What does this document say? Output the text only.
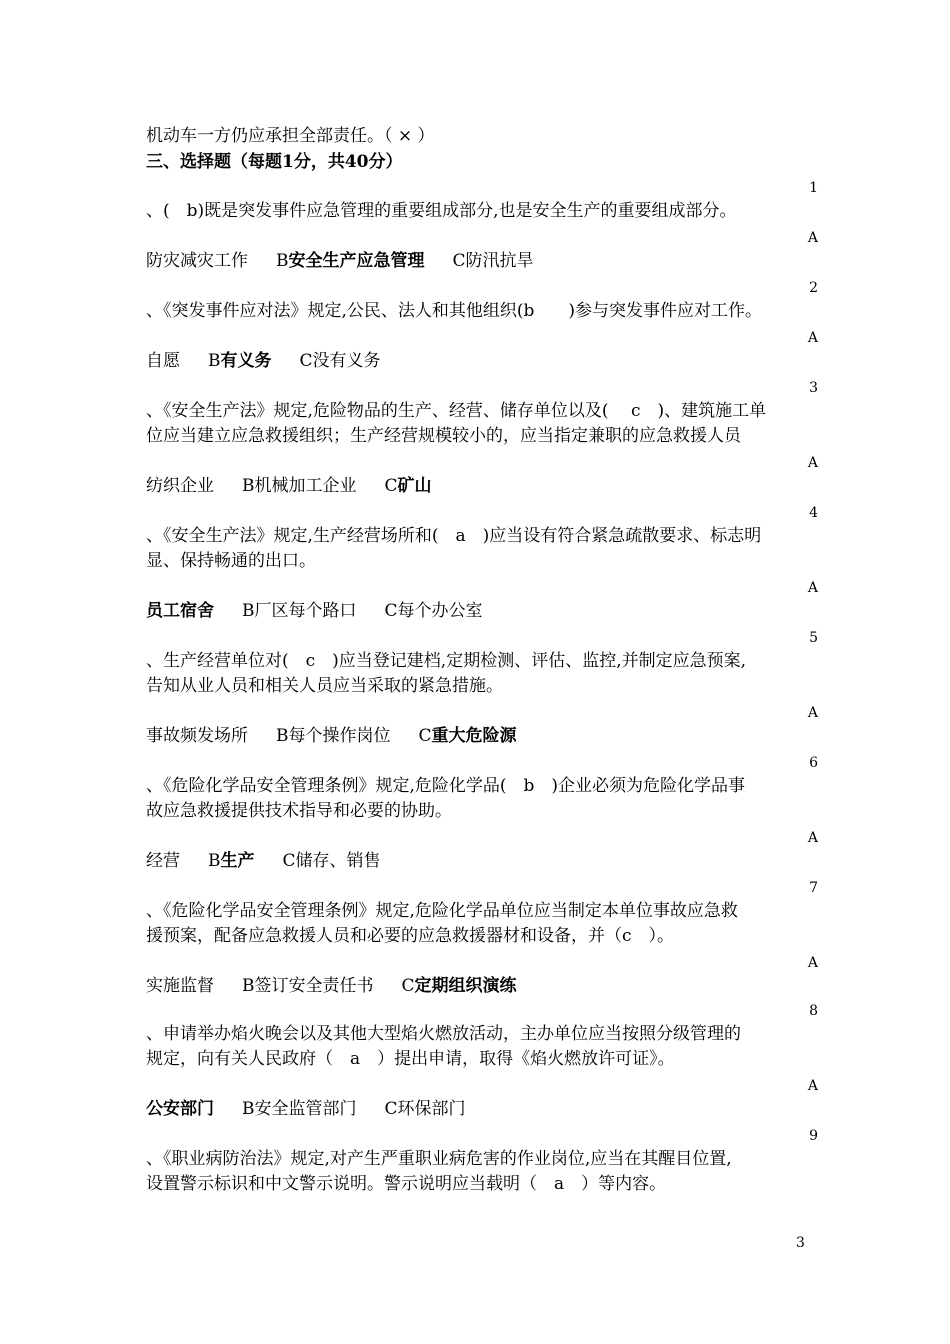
机动车一方仍应承担全部责任。（ × ）
三、选择题（每题1分，共40分）
1
、(　b)既是突发事件应急管理的重要组成部分,也是安全生产的重要组成部分。
A
防灾减灾工作 B安全生产应急管理 C防汛抗旱
2
、《突发事件应对法》规定,公民、法人和其他组织(b　　)参与突发事件应对工作。
A
自愿 B有义务 C没有义务
3
、《安全生产法》规定,危险物品的生产、经营、储存单位以及(　 c　)、建筑施工单
位应当建立应急救援组织；生产经营规模较小的，应当指定兼职的应急救援人员
A
纺织企业 B机械加工企业 C矿山
4
、《安全生产法》规定,生产经营场所和(　a　)应当设有符合紧急疏散要求、标志明
显、保持畅通的出口。
A
员工宿舍 B厂区每个路口 C每个办公室
5
、生产经营单位对(　c　)应当登记建档,定期检测、评估、监控,并制定应急预案,
告知从业人员和相关人员应当采取的紧急措施。
A
事故频发场所 B每个操作岗位 C重大危险源
6
、《危险化学品安全管理条例》规定,危险化学品(　b　)企业必须为危险化学品事
故应急救援提供技术指导和必要的协助。
A
经营 B生产 C储存、销售
7
、《危险化学品安全管理条例》规定,危险化学品单位应当制定本单位事故应急救
援预案，配备应急救援人员和必要的应急救援器材和设备，并（c　）。
A
实施监督 B签订安全责任书 C定期组织演练
8
、申请举办焰火晚会以及其他大型焰火燃放活动，主办单位应当按照分级管理的
规定，向有关人民政府（　a　）提出申请，取得《焰火燃放许可证》。
A
公安部门 B安全监管部门 C环保部门
9
、《职业病防治法》规定,对产生严重职业病危害的作业岗位,应当在其醒目位置,
设置警示标识和中文警示说明。警示说明应当载明（　a　）等内容。
3
